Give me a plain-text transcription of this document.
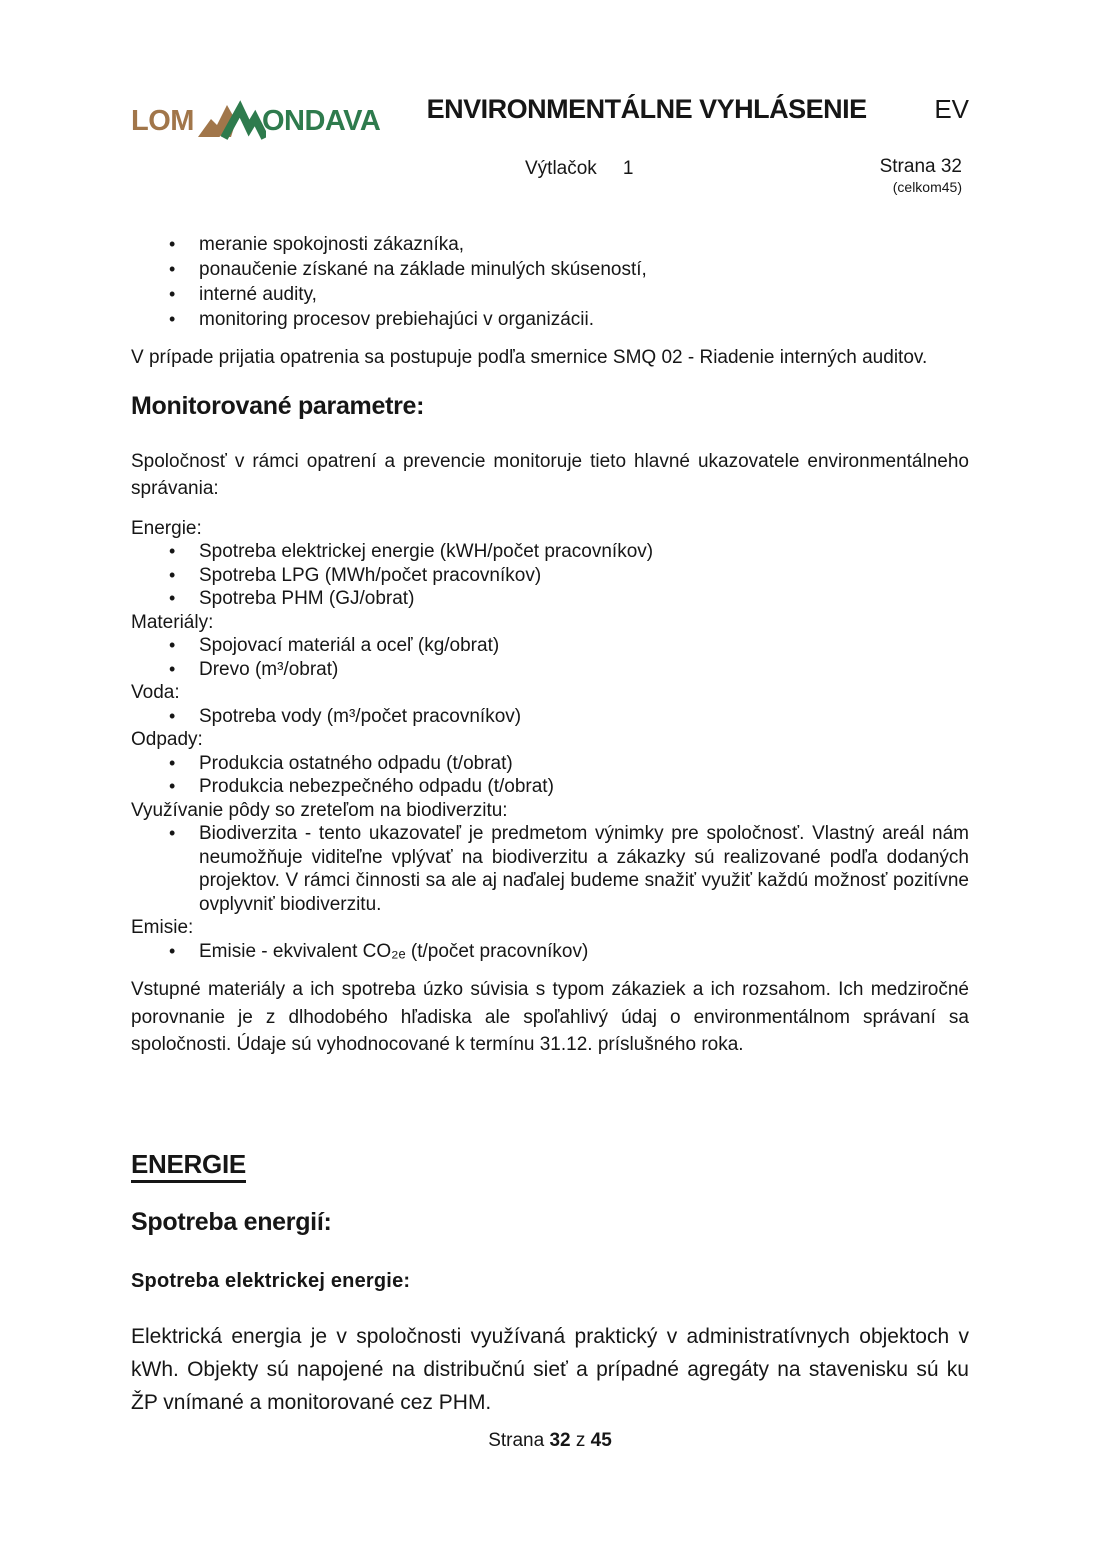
LOM ONDAVA	ENVIRONMENTÁLNE VYHLÁSENIE	EV
Výtlačok 1	Strana 32
(celkom45)
• meranie spokojnosti zákazníka,
• ponaučenie získané na základe minulých skúseností,
• interné audity,
• monitoring procesov prebiehajúci v organizácii.

V prípade prijatia opatrenia sa postupuje podľa smernice SMQ 02 - Riadenie interných auditov.

Monitorované parametre:

Spoločnosť v rámci opatrení a prevencie monitoruje tieto hlavné ukazovatele environmentálneho správania:

Energie:
• Spotreba elektrickej energie (kWH/počet pracovníkov)
• Spotreba LPG (MWh/počet pracovníkov)
• Spotreba PHM (GJ/obrat)
Materiály:
• Spojovací materiál a oceľ (kg/obrat)
• Drevo (m³/obrat)
Voda:
• Spotreba vody (m³/počet pracovníkov)
Odpady:
• Produkcia ostatného odpadu (t/obrat)
• Produkcia nebezpečného odpadu (t/obrat)
Využívanie pôdy so zreteľom na biodiverzitu:
• Biodiverzita - tento ukazovateľ je predmetom výnimky pre spoločnosť. Vlastný areál nám neumožňuje viditeľne vplývať na biodiverzitu a zákazky sú realizované podľa dodaných projektov. V rámci činnosti sa ale aj naďalej budeme snažiť využiť každú možnosť pozitívne ovplyvniť biodiverzitu.
Emisie:
• Emisie - ekvivalent CO₂ₑ (t/počet pracovníkov)

Vstupné materiály a ich spotreba úzko súvisia s typom zákaziek a ich rozsahom. Ich medziročné porovnanie je z dlhodobého hľadiska ale spoľahlivý údaj o environmentálnom správaní sa spoločnosti. Údaje sú vyhodnocované k termínu 31.12. príslušného roka.

ENERGIE
Spotreba energií:
Spotreba elektrickej energie:

Elektrická energia je v spoločnosti využívaná praktický v administratívnych objektoch v kWh. Objekty sú napojené na distribučnú sieť a prípadné agregáty na stavenisku sú ku ŽP vnímané a monitorované cez PHM.

Strana 32 z 45
